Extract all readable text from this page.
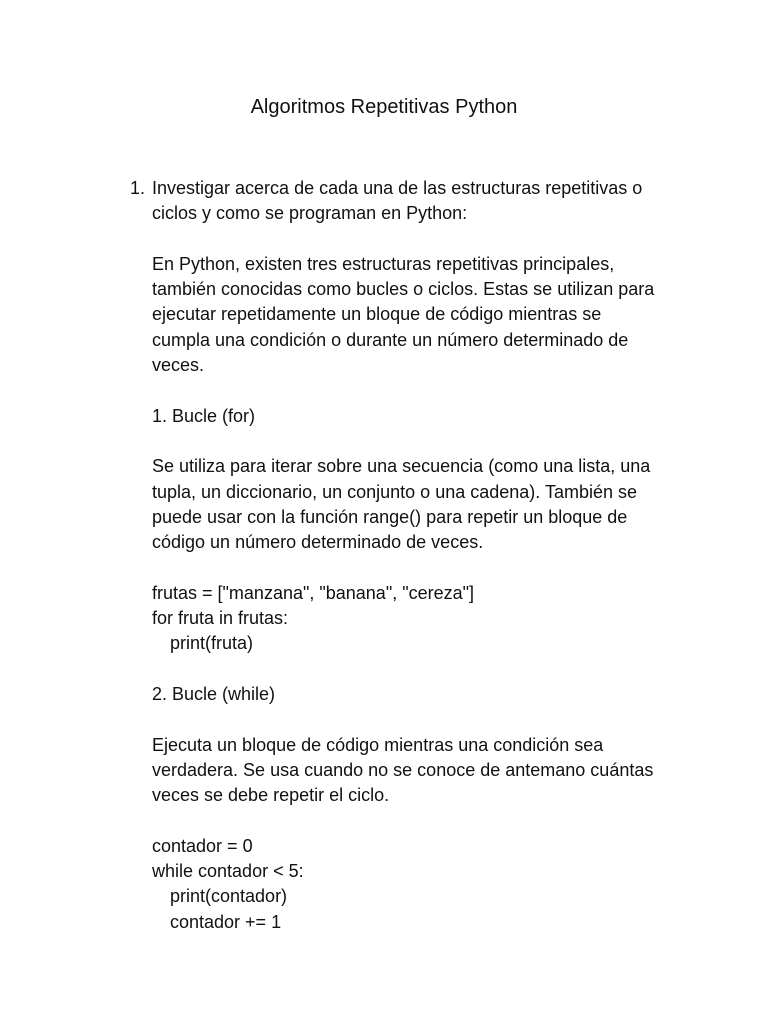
Algoritmos Repetitivas Python
1. Investigar acerca de cada una de las estructuras repetitivas o

ciclos y como se programan en Python:

En Python, existen tres estructuras repetitivas principales,

también conocidas como bucles o ciclos. Estas se utilizan para

ejecutar repetidamente un bloque de código mientras se

cumpla una condición o durante un número determinado de

veces.

1. Bucle (for)

Se utiliza para iterar sobre una secuencia (como una lista, una

tupla, un diccionario, un conjunto o una cadena). También se

puede usar con la función range() para repetir un bloque de

código un número determinado de veces.

frutas = ["manzana", "banana", "cereza"]

for fruta in frutas:

print(fruta)

2. Bucle (while)

Ejecuta un bloque de código mientras una condición sea

verdadera. Se usa cuando no se conoce de antemano cuántas

veces se debe repetir el ciclo.

contador = 0

while contador < 5:

print(contador)

contador += 1
